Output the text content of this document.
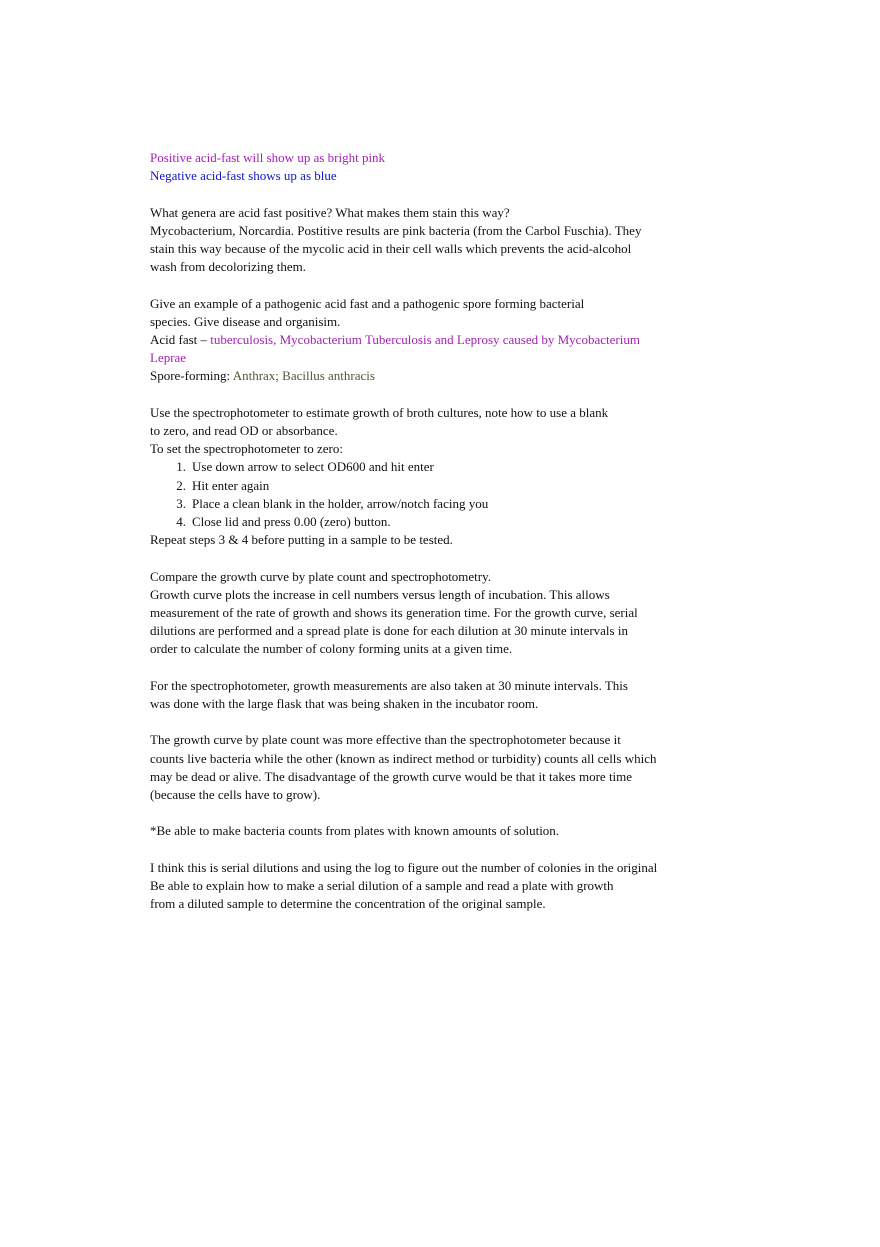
Positive acid-fast will show up as bright pink

Negative acid-fast shows up as blue

What genera are acid fast positive? What makes them stain this way?

Mycobacterium, Norcardia. Postitive results are pink bacteria (from the Carbol Fuschia). They

stain this way because of the mycolic acid in their cell walls which prevents the acid-alcohol

wash from decolorizing them.

Give an example of a pathogenic acid fast and a pathogenic spore forming bacterial

species. Give disease and organisim.

Acid fast – tuberculosis, Mycobacterium Tuberculosis and Leprosy caused by Mycobacterium

Leprae

Spore-forming: Anthrax; Bacillus anthracis

Use the spectrophotometer to estimate growth of broth cultures, note how to use a blank

to zero, and read OD or absorbance.

To set the spectrophotometer to zero:

1. Use down arrow to select OD600 and hit enter
2. Hit enter again
3. Place a clean blank in the holder, arrow/notch facing you
4. Close lid and press 0.00 (zero) button.

Repeat steps 3 & 4 before putting in a sample to be tested.

Compare the growth curve by plate count and spectrophotometry.

Growth curve plots the increase in cell numbers versus length of incubation. This allows

measurement of the rate of growth and shows its generation time. For the growth curve, serial

dilutions are performed and a spread plate is done for each dilution at 30 minute intervals in

order to calculate the number of colony forming units at a given time.

For the spectrophotometer, growth measurements are also taken at 30 minute intervals. This

was done with the large flask that was being shaken in the incubator room.

The growth curve by plate count was more effective than the spectrophotometer because it

counts live bacteria while the other (known as indirect method or turbidity) counts all cells which

may be dead or alive. The disadvantage of the growth curve would be that it takes more time

(because the cells have to grow).

*Be able to make bacteria counts from plates with known amounts of solution.

I think this is serial dilutions and using the log to figure out the number of colonies in the original

Be able to explain how to make a serial dilution of a sample and read a plate with growth

from a diluted sample to determine the concentration of the original sample.
